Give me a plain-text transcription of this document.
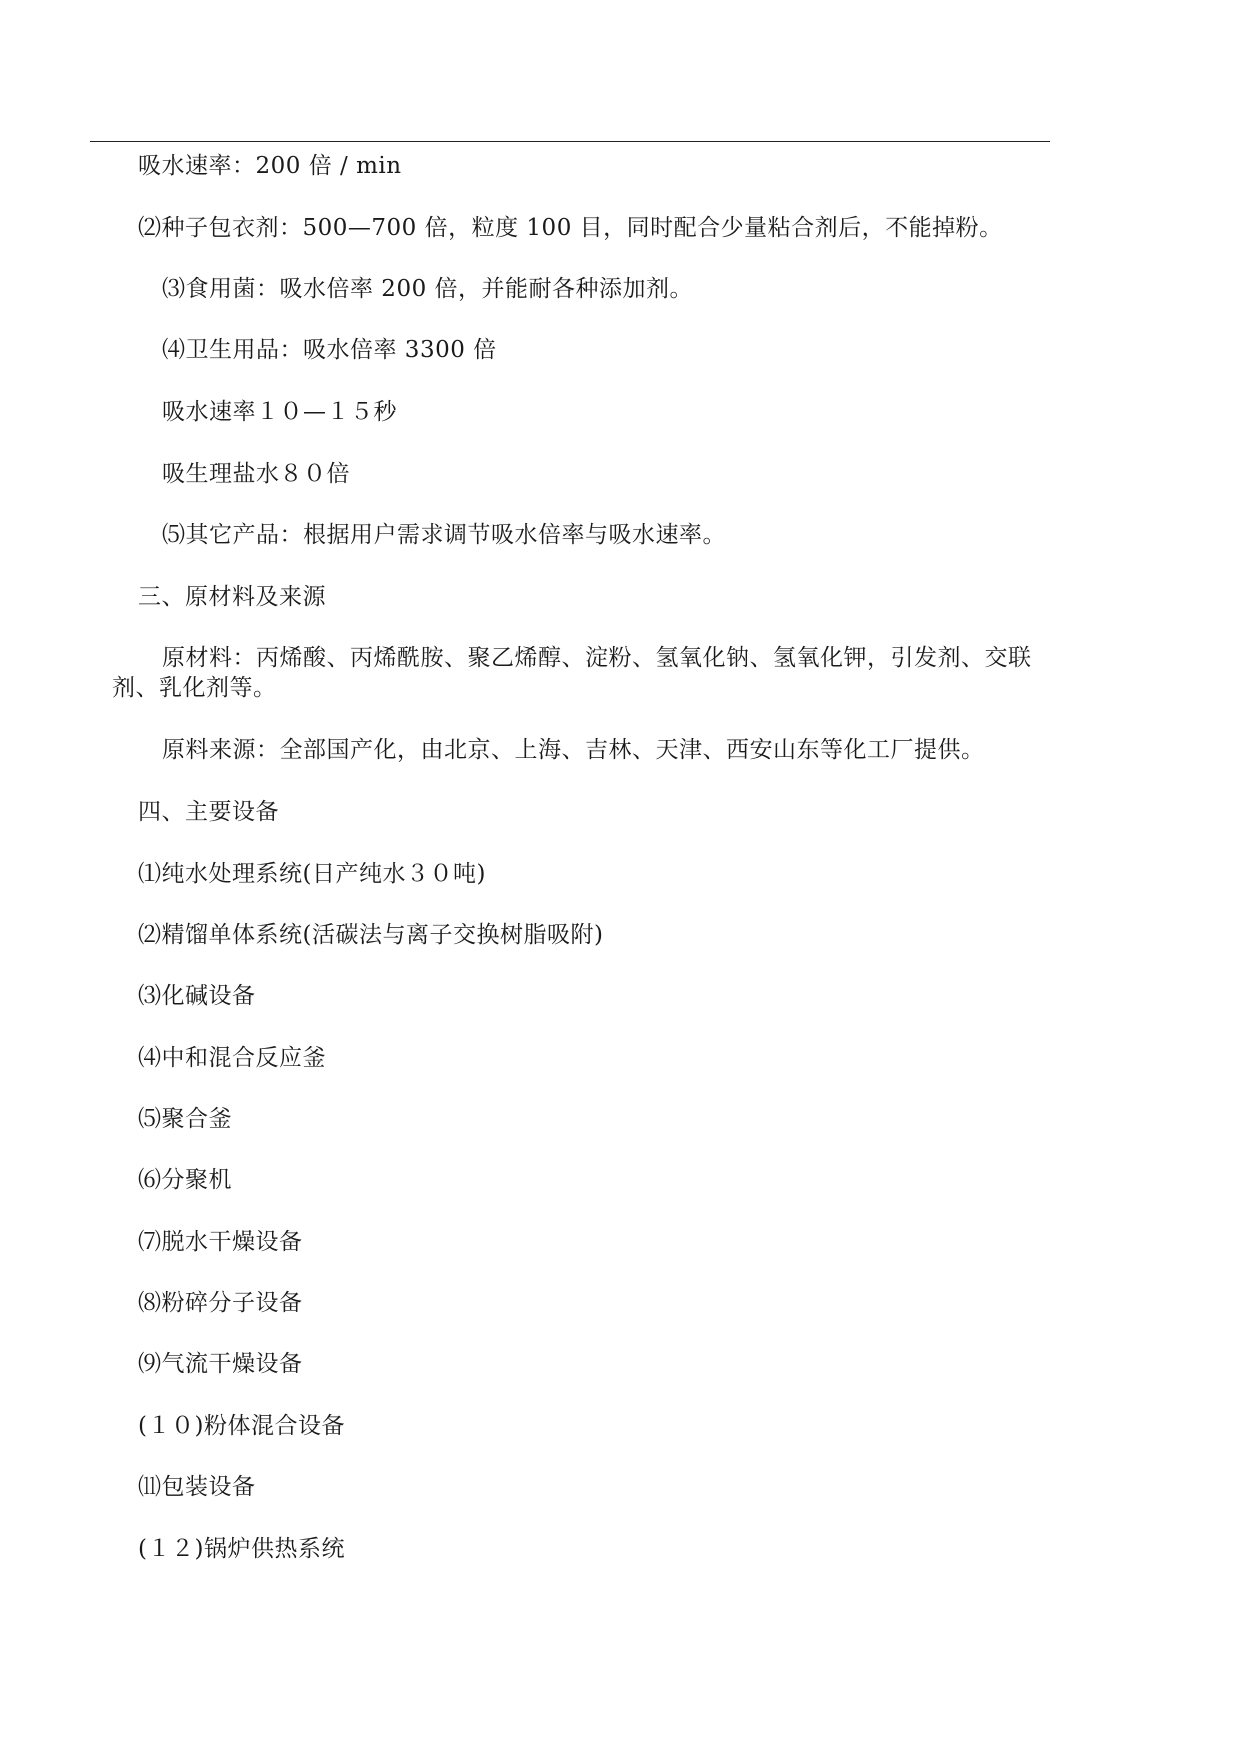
吸水速率：200 倍 / min
⑵种子包衣剂：500—700 倍，粒度 100 目，同时配合少量粘合剂后，不能掉粉。
⑶食用菌：吸水倍率 200 倍，并能耐各种添加剂。
⑷卫生用品：吸水倍率 3300 倍
吸水速率１０—１５秒
吸生理盐水８０倍
⑸其它产品：根据用户需求调节吸水倍率与吸水速率。
三、原材料及来源
原材料：丙烯酸、丙烯酰胺、聚乙烯醇、淀粉、氢氧化钠、氢氧化钾，引发剂、交联剂、乳化剂等。
原料来源：全部国产化，由北京、上海、吉林、天津、西安山东等化工厂提供。
四、主要设备
⑴纯水处理系统(日产纯水３０吨)
⑵精馏单体系统(活碳法与离子交换树脂吸附)
⑶化碱设备
⑷中和混合反应釜
⑸聚合釜
⑹分聚机
⑺脱水干燥设备
⑻粉碎分子设备
⑼气流干燥设备
(１０)粉体混合设备
⑾包装设备
(１２)锅炉供热系统
